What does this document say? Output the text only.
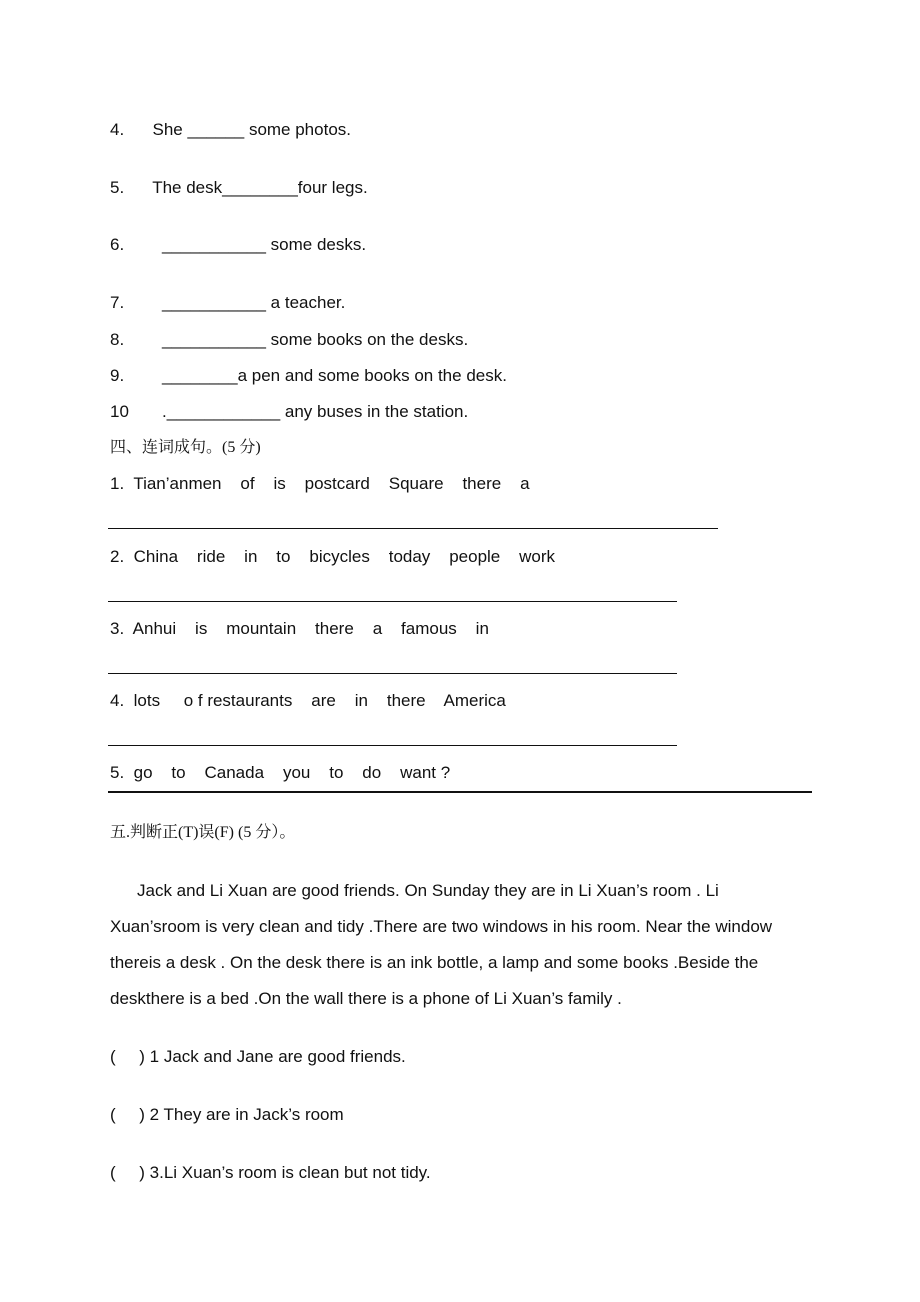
4.      She ______ some photos.
5.      The desk________four legs.
6.        ___________ some desks.
7.        ___________ a teacher.
8.        ___________ some books on the desks.
9.        ________a pen and some books on the desk.
10       .____________ any buses in the station.
四、连词成句。(5 分)
1.  Tian’anmen    of    is    postcard    Square    there    a
2.  China    ride    in    to    bicycles    today    people    work
3.  Anhui    is    mountain    there    a    famous    in
4.  lots     o f restaurants    are    in    there    America
5.  go    to    Canada    you    to    do    want ?
五.判断正(T)误(F) (5 分）。
Jack and Li Xuan are good friends. On Sunday they are in Li Xuan’s room . Li Xuan’sroom is very clean and tidy .There are two windows in his room. Near the window thereis a desk . On the desk there is an ink bottle, a lamp and some books .Beside the deskthere is a bed .On the wall there is a phone of Li Xuan’s family .
(     ) 1 Jack and Jane are good friends.
(     ) 2 They are in Jack’s room
(     ) 3.Li Xuan’s room is clean but not tidy.
